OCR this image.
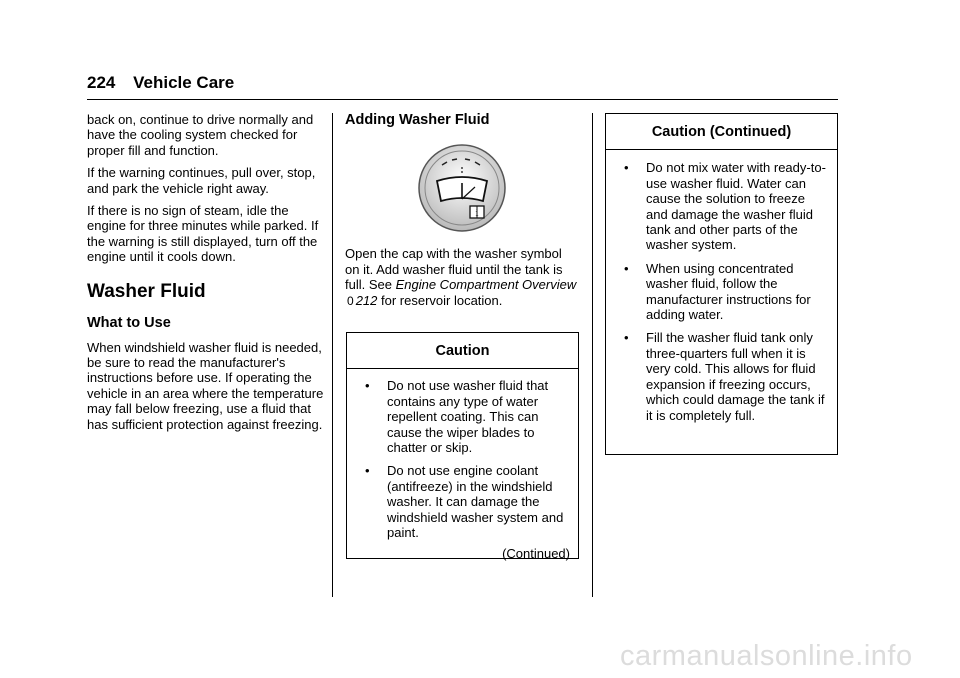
224 Vehicle Care

back on, continue to drive normally and have the cooling system checked for proper fill and function.

If the warning continues, pull over, stop, and park the vehicle right away.

If there is no sign of steam, idle the engine for three minutes while parked. If the warning is still displayed, turn off the engine until it cools down.

Washer Fluid
What to Use

When windshield washer fluid is needed, be sure to read the manufacturer's instructions before use. If operating the vehicle in an area where the temperature may fall below freezing, use a fluid that has sufficient protection against freezing.

Adding Washer Fluid
i

Open the cap with the washer symbol on it. Add washer fluid until the tank is full. See Engine Compartment Overview 0 212 for reservoir location.

Caution
•	Do not use washer fluid that contains any type of water repellent coating. This can cause the wiper blades to chatter or skip.
•	Do not use engine coolant (antifreeze) in the windshield washer. It can damage the windshield washer system and paint.
(Continued)
Caution (Continued)
•	Do not mix water with ready-to-use washer fluid. Water can cause the solution to freeze and damage the washer fluid tank and other parts of the washer system.
•	When using concentrated washer fluid, follow the manufacturer instructions for adding water.
•	Fill the washer fluid tank only three-quarters full when it is very cold. This allows for fluid expansion if freezing occurs, which could damage the tank if it is completely full.
carmanualsonline.info
